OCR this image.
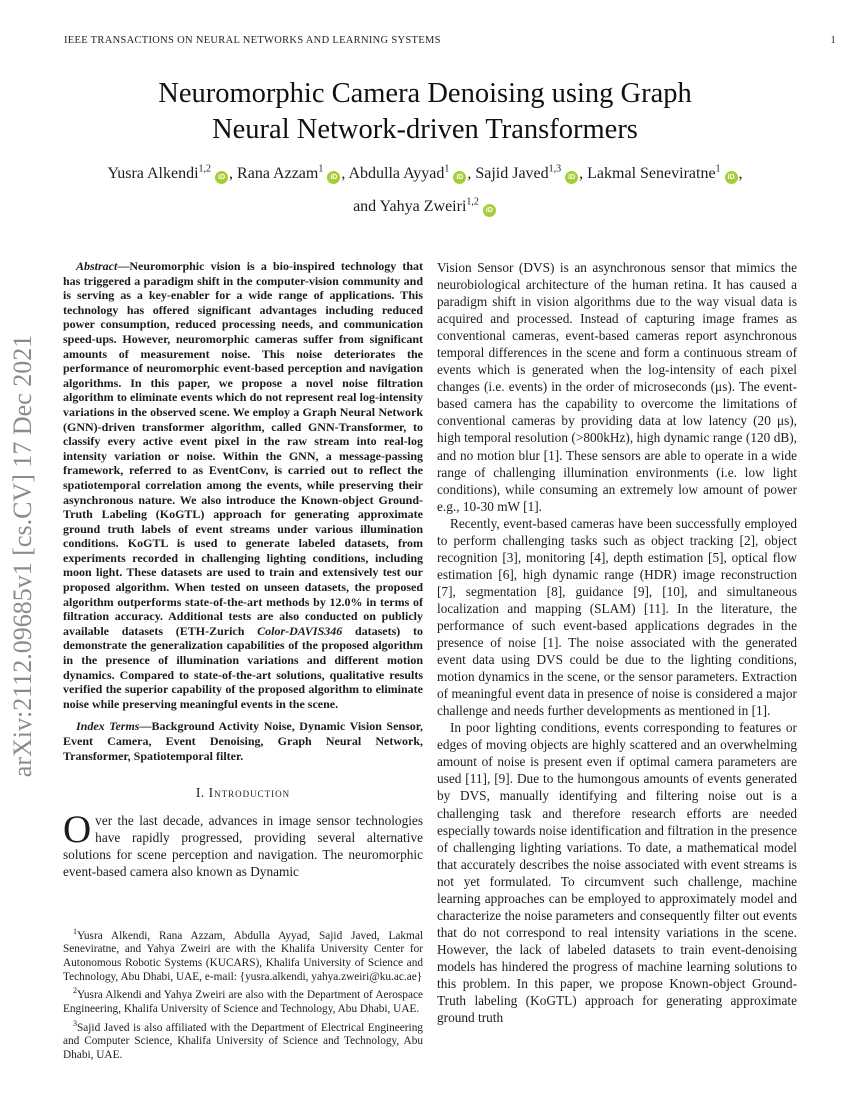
IEEE TRANSACTIONS ON NEURAL NETWORKS AND LEARNING SYSTEMS	1
arXiv:2112.09685v1 [cs.CV] 17 Dec 2021
Neuromorphic Camera Denoising using Graph
Neural Network-driven Transformers
Yusra Alkendi$^{1,2}$
iD , Rana Azzam$^1$
iD , Abdulla Ayyad$^1$
iD , Sajid Javed$^{1,3}$
iD , Lakmal Seneviratne$^1$
iD ,
and Yahya Zweiri$^{1,2}$
iD

Abstract—Neuromorphic vision is a bio-inspired technology that has triggered a paradigm shift in the computer-vision community and is serving as a key-enabler for a wide range of applications. This technology has offered significant advantages including reduced power consumption, reduced processing needs, and communication speed-ups. However, neuromorphic cameras suffer from significant amounts of measurement noise. This noise deteriorates the performance of neuromorphic event-based perception and navigation algorithms. In this paper, we propose a novel noise filtration algorithm to eliminate events which do not represent real log-intensity variations in the observed scene. We employ a Graph Neural Network (GNN)-driven transformer algorithm, called GNN-Transformer, to classify every active event pixel in the raw stream into real-log intensity variation or noise. Within the GNN, a message-passing framework, referred to as EventConv, is carried out to reflect the spatiotemporal correlation among the events, while preserving their asynchronous nature. We also introduce the Known-object Ground-Truth Labeling (KoGTL) approach for generating approximate ground truth labels of event streams under various illumination conditions. KoGTL is used to generate labeled datasets, from experiments recorded in challenging lighting conditions, including moon light. These datasets are used to train and extensively test our proposed algorithm. When tested on unseen datasets, the proposed algorithm outperforms state-of-the-art methods by 12.0% in terms of filtration accuracy. Additional tests are also conducted on publicly available datasets (ETH-Zurich Color-DAVIS346 datasets) to demonstrate the generalization capabilities of the proposed algorithm in the presence of illumination variations and different motion dynamics. Compared to state-of-the-art solutions, qualitative results verified the superior capability of the proposed algorithm to eliminate noise while preserving meaningful events in the scene.

Index Terms—Background Activity Noise, Dynamic Vision Sensor, Event Camera, Event Denoising, Graph Neural Network, Transformer, Spatiotemporal filter.

I. Introduction

Over the last decade, advances in image sensor technologies have rapidly progressed, providing several alternative solutions for scene perception and navigation. The neuromorphic event-based camera also known as Dynamic

$^1$Yusra Alkendi, Rana Azzam, Abdulla Ayyad, Sajid Javed, Lakmal Seneviratne, and Yahya Zweiri are with the Khalifa University Center for Autonomous Robotic Systems (KUCARS), Khalifa University of Science and Technology, Abu Dhabi, UAE, e-mail: {yusra.alkendi, yahya.zweiri@ku.ac.ae}

$^2$Yusra Alkendi and Yahya Zweiri are also with the Department of Aerospace Engineering, Khalifa University of Science and Technology, Abu Dhabi, UAE.

$^3$Sajid Javed is also affiliated with the Department of Electrical Engineering and Computer Science, Khalifa University of Science and Technology, Abu Dhabi, UAE.

Vision Sensor (DVS) is an asynchronous sensor that mimics the neurobiological architecture of the human retina. It has caused a paradigm shift in vision algorithms due to the way visual data is acquired and processed. Instead of capturing image frames as conventional cameras, event-based cameras report asynchronous temporal differences in the scene and form a continuous stream of events which is generated when the log-intensity of each pixel changes (i.e. events) in the order of microseconds (μs). The event-based camera has the capability to overcome the limitations of conventional cameras by providing data at low latency (20 μs), high temporal resolution (>800kHz), high dynamic range (120 dB), and no motion blur [1]. These sensors are able to operate in a wide range of challenging illumination environments (i.e. low light conditions), while consuming an extremely low amount of power e.g., 10-30 mW [1].

Recently, event-based cameras have been successfully employed to perform challenging tasks such as object tracking [2], object recognition [3], monitoring [4], depth estimation [5], optical flow estimation [6], high dynamic range (HDR) image reconstruction [7], segmentation [8], guidance [9], [10], and simultaneous localization and mapping (SLAM) [11]. In the literature, the performance of such event-based applications degrades in the presence of noise [1]. The noise associated with the generated event data using DVS could be due to the lighting conditions, motion dynamics in the scene, or the sensor parameters. Extraction of meaningful event data in presence of noise is considered a major challenge and needs further developments as mentioned in [1].

In poor lighting conditions, events corresponding to features or edges of moving objects are highly scattered and an overwhelming amount of noise is present even if optimal camera parameters are used [11], [9]. Due to the humongous amounts of events generated by DVS, manually identifying and filtering noise out is a challenging task and therefore research efforts are needed especially towards noise identification and filtration in the presence of challenging lighting variations. To date, a mathematical model that accurately describes the noise associated with event streams is not yet formulated. To circumvent such challenge, machine learning approaches can be employed to approximately model and characterize the noise parameters and consequently filter out events that do not correspond to real intensity variations in the scene. However, the lack of labeled datasets to train event-denoising models has hindered the progress of machine learning solutions to this problem. In this paper, we propose Known-object Ground-Truth labeling (KoGTL) approach for generating approximate ground truth
